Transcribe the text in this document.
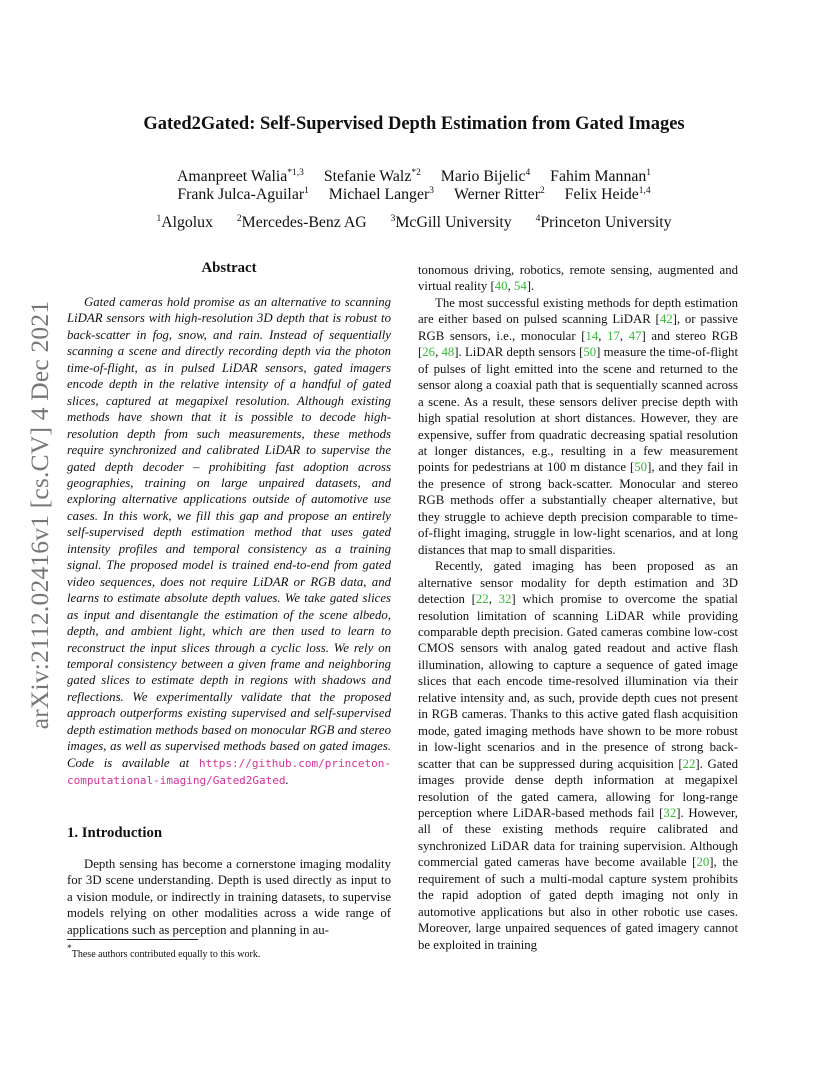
arXiv:2112.02416v1 [cs.CV] 4 Dec 2021
Gated2Gated: Self-Supervised Depth Estimation from Gated Images
Amanpreet Walia$^{*1,3}$ Stefanie Walz$^{*2}$ Mario Bijelic$^4$ Fahim Mannan$^1$
Frank Julca-Aguilar$^1$ Michael Langer$^3$ Werner Ritter$^2$ Felix Heide$^{1,4}$
$^1$Algolux	$^2$Mercedes-Benz AG	$^3$McGill University	$^4$Princeton University
Abstract

Gated cameras hold promise as an alternative to scanning LiDAR sensors with high-resolution 3D depth that is robust to back-scatter in fog, snow, and rain. Instead of sequentially scanning a scene and directly recording depth via the photon time-of-flight, as in pulsed LiDAR sensors, gated imagers encode depth in the relative intensity of a handful of gated slices, captured at megapixel resolution. Although existing methods have shown that it is possible to decode high-resolution depth from such measurements, these methods require synchronized and calibrated LiDAR to supervise the gated depth decoder – prohibiting fast adoption across geographies, training on large unpaired datasets, and exploring alternative applications outside of automotive use cases. In this work, we fill this gap and propose an entirely self-supervised depth estimation method that uses gated intensity profiles and temporal consistency as a training signal. The proposed model is trained end-to-end from gated video sequences, does not require LiDAR or RGB data, and learns to estimate absolute depth values. We take gated slices as input and disentangle the estimation of the scene albedo, depth, and ambient light, which are then used to learn to reconstruct the input slices through a cyclic loss. We rely on temporal consistency between a given frame and neighboring gated slices to estimate depth in regions with shadows and reflections. We experimentally validate that the proposed approach outperforms existing supervised and self-supervised depth estimation methods based on monocular RGB and stereo images, as well as supervised methods based on gated images. Code is available at https://github.com/princeton-computational-imaging/Gated2Gated.

1. Introduction

Depth sensing has become a cornerstone imaging modality for 3D scene understanding. Depth is used directly as input to a vision module, or indirectly in training datasets, to supervise models relying on other modalities across a wide range of applications such as perception and planning in au-

*These authors contributed equally to this work.

tonomous driving, robotics, remote sensing, augmented and virtual reality [40, 54].

The most successful existing methods for depth estimation are either based on pulsed scanning LiDAR [42], or passive RGB sensors, i.e., monocular [14, 17, 47] and stereo RGB [26, 48]. LiDAR depth sensors [50] measure the time-of-flight of pulses of light emitted into the scene and returned to the sensor along a coaxial path that is sequentially scanned across a scene. As a result, these sensors deliver precise depth with high spatial resolution at short distances. However, they are expensive, suffer from quadratic decreasing spatial resolution at longer distances, e.g., resulting in a few measurement points for pedestrians at 100 m distance [50], and they fail in the presence of strong back-scatter. Monocular and stereo RGB methods offer a substantially cheaper alternative, but they struggle to achieve depth precision comparable to time-of-flight imaging, struggle in low-light scenarios, and at long distances that map to small disparities.

Recently, gated imaging has been proposed as an alternative sensor modality for depth estimation and 3D detection [22, 32] which promise to overcome the spatial resolution limitation of scanning LiDAR while providing comparable depth precision. Gated cameras combine low-cost CMOS sensors with analog gated readout and active flash illumination, allowing to capture a sequence of gated image slices that each encode time-resolved illumination via their relative intensity and, as such, provide depth cues not present in RGB cameras. Thanks to this active gated flash acquisition mode, gated imaging methods have shown to be more robust in low-light scenarios and in the presence of strong back-scatter that can be suppressed during acquisition [22]. Gated images provide dense depth information at megapixel resolution of the gated camera, allowing for long-range perception where LiDAR-based methods fail [32]. However, all of these existing methods require calibrated and synchronized LiDAR data for training supervision. Although commercial gated cameras have become available [20], the requirement of such a multi-modal capture system prohibits the rapid adoption of gated depth imaging not only in automotive applications but also in other robotic use cases. Moreover, large unpaired sequences of gated imagery cannot be exploited in training
